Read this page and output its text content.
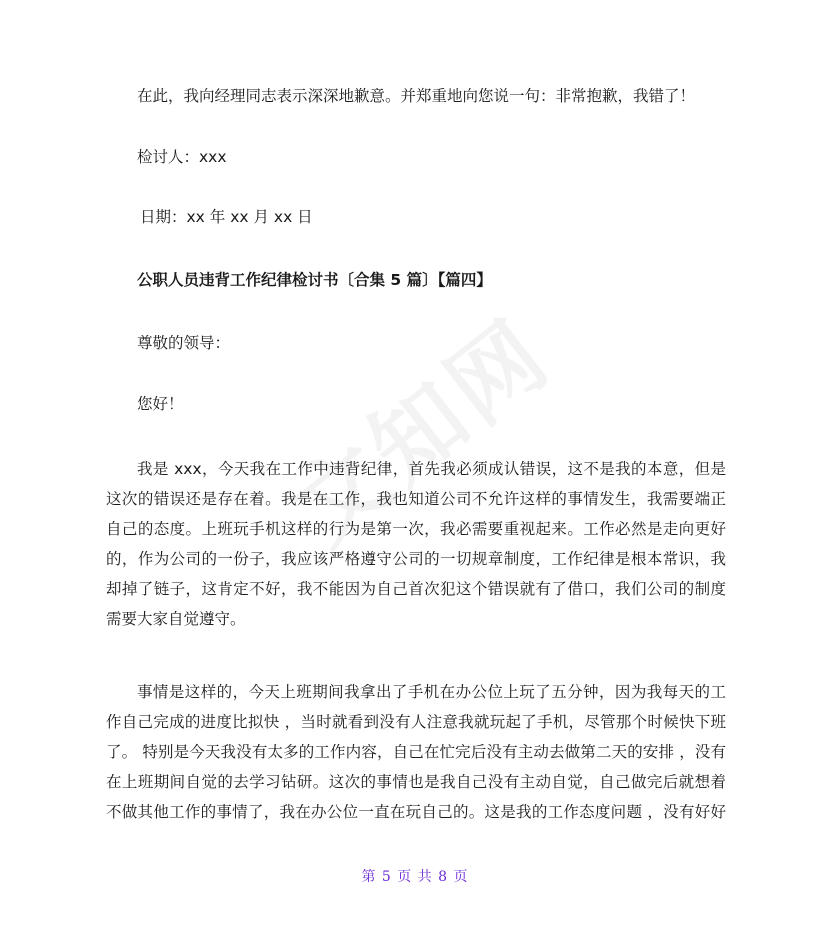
在此，我向经理同志表示深深地歉意。并郑重地向您说一句：非常抱歉，我错了！
检讨人：xxx
日期：xx 年 xx 月 xx 日
公职人员违背工作纪律检讨书〔合集 5 篇〕【篇四】
尊敬的领导：
您好！
我是 xxx，今天我在工作中违背纪律，首先我必须成认错误，这不是我的本意，但是
这次的错误还是存在着。我是在工作，我也知道公司不允许这样的事情发生，我需要端正
自己的态度。上班玩手机这样的行为是第一次，我必需要重视起来。工作必然是走向更好
的，作为公司的一份子，我应该严格遵守公司的一切规章制度，工作纪律是根本常识，我
却掉了链子，这肯定不好，我不能因为自己首次犯这个错误就有了借口，我们公司的制度
需要大家自觉遵守。
事情是这样的，今天上班期间我拿出了手机在办公位上玩了五分钟，因为我每天的工
作自己完成的进度比拟快 ，当时就看到没有人注意我就玩起了手机，尽管那个时候快下班
了。 特别是今天我没有太多的工作内容，自己在忙完后没有主动去做第二天的安排 ，没有
在上班期间自觉的去学习钻研。这次的事情也是我自己没有主动自觉，自己做完后就想着
不做其他工作的事情了，我在办公位一直在玩自己的。这是我的工作态度问题 ，没有好好
第 5 页 共 8 页
